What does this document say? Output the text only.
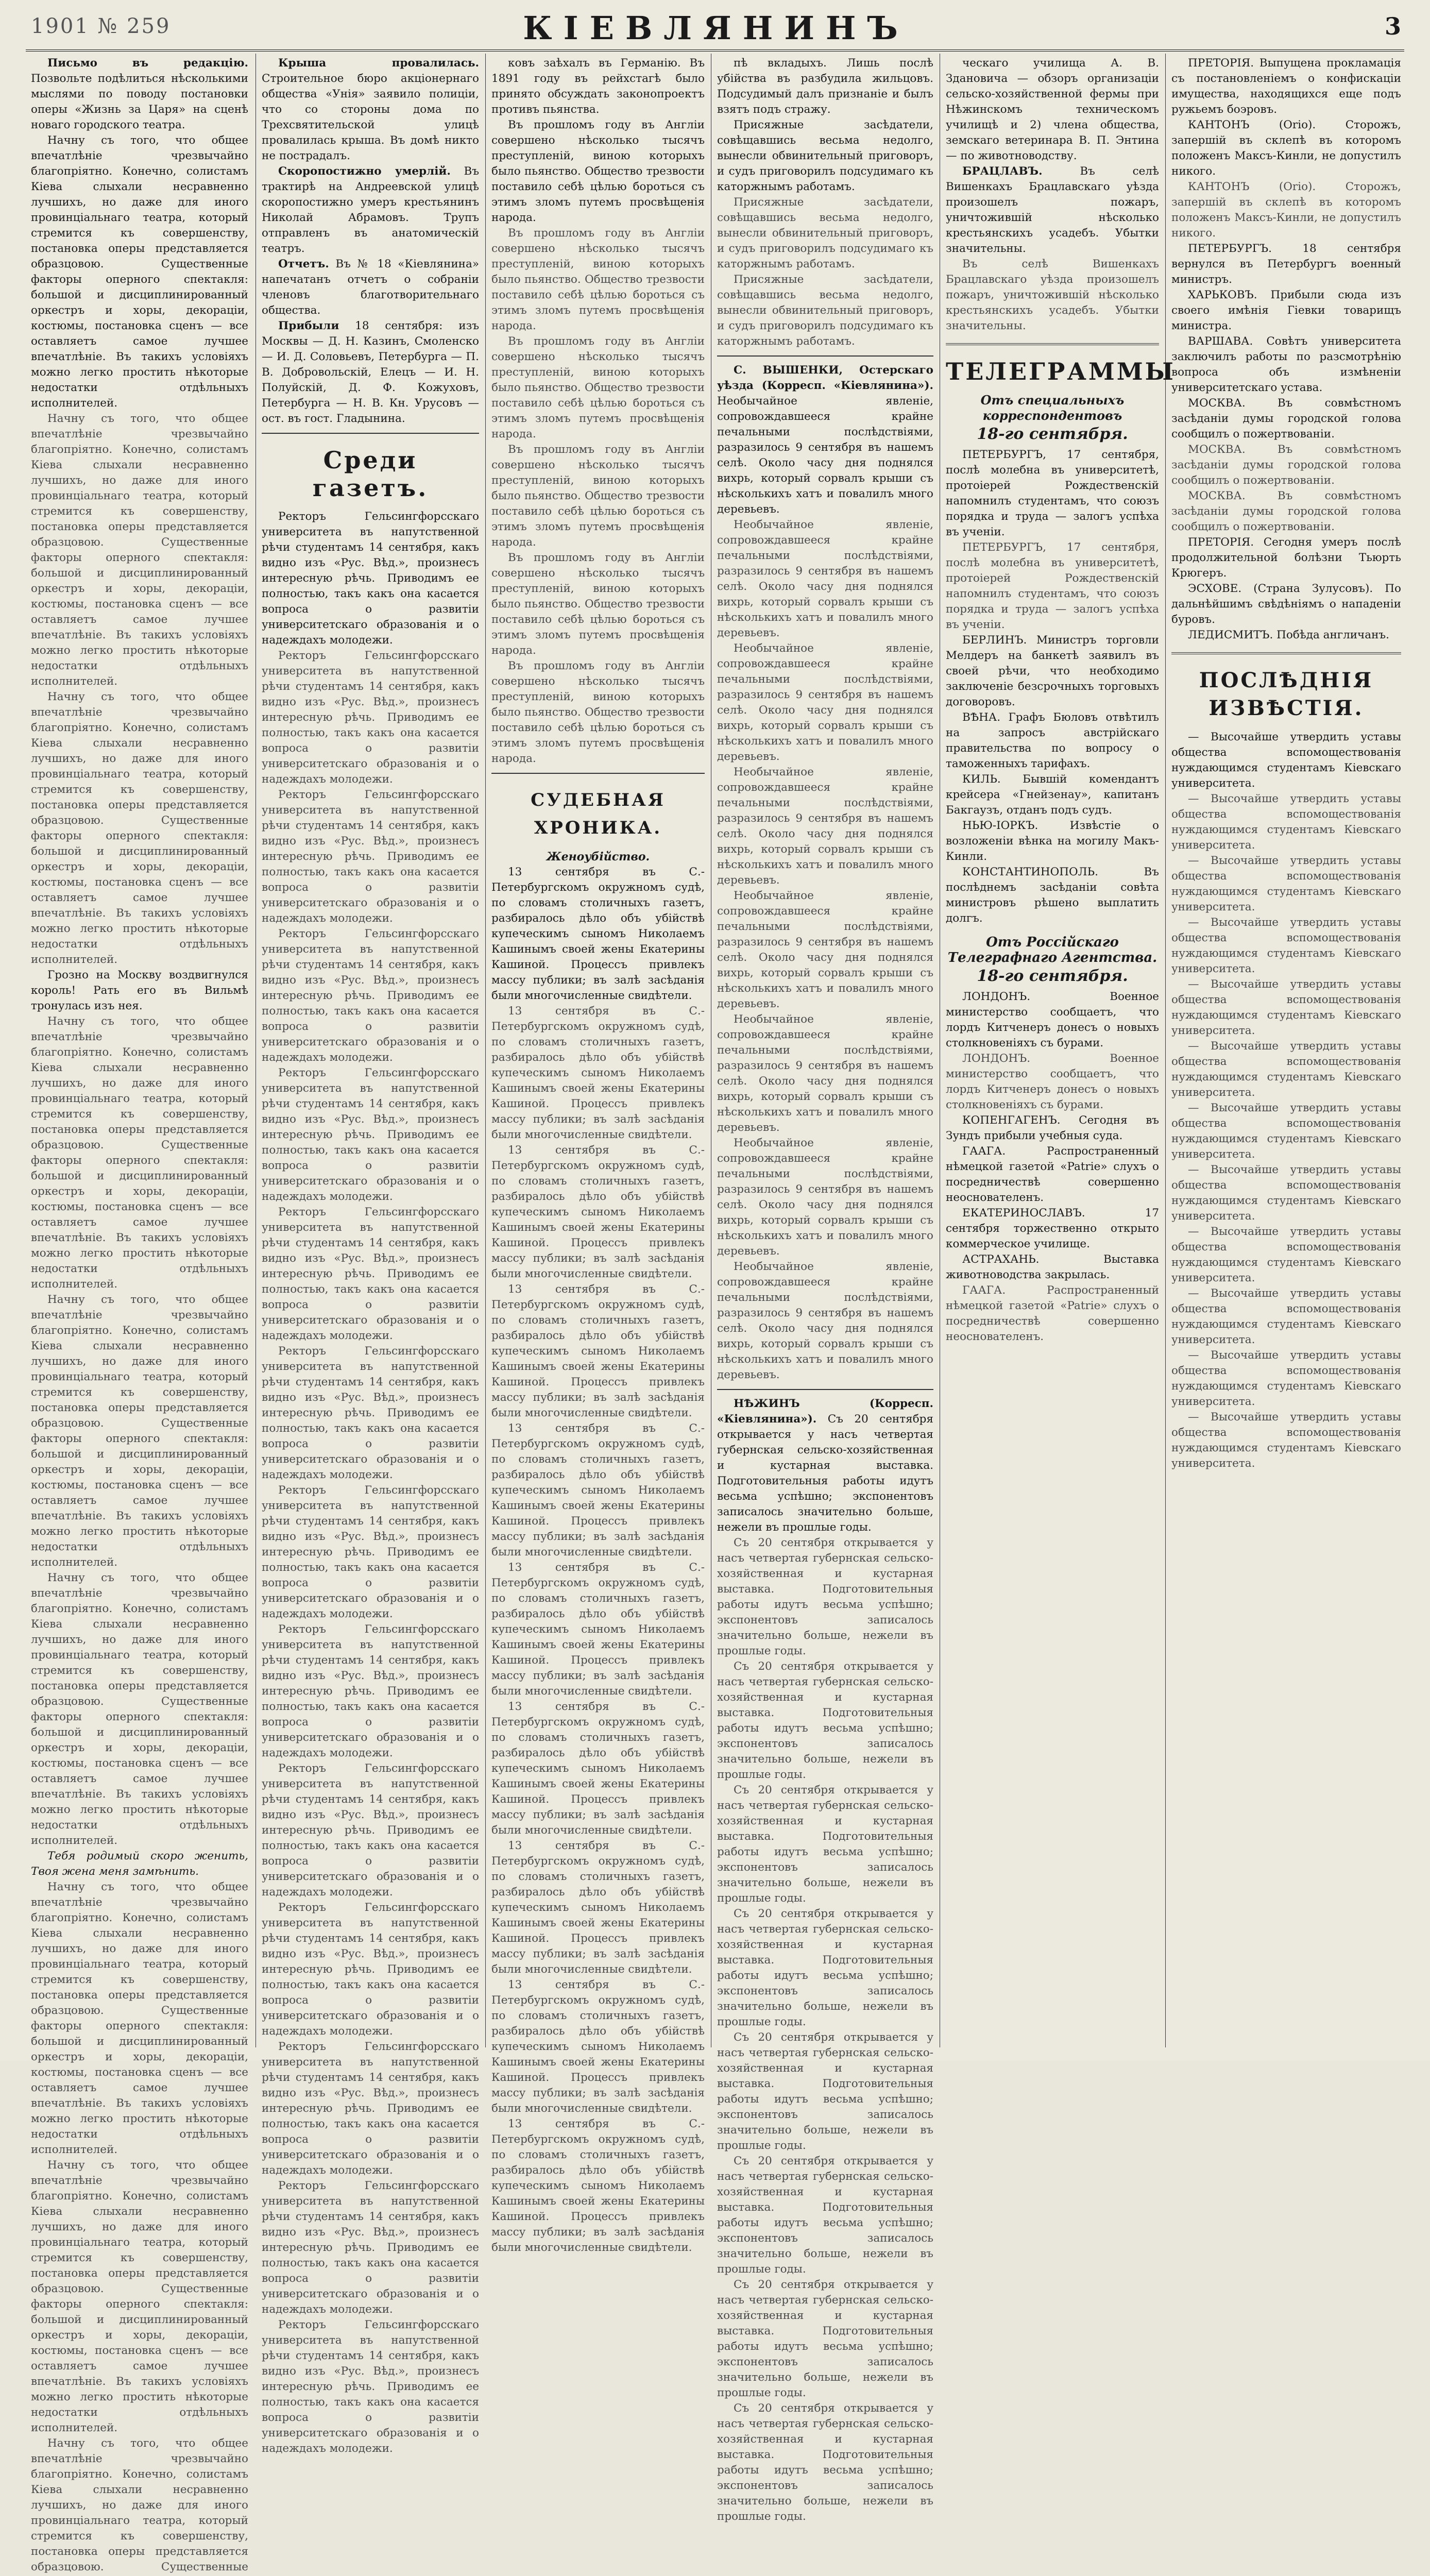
1901 № 259	КІЕВЛЯНИНЪ	3

Письмо въ редакцію. Позвольте подѣлиться нѣсколькими мыслями по поводу постановки оперы «Жизнь за Царя» на сценѣ новаго городского театра.

Начну съ того, что общее впечатлѣніе чрезвычайно благопріятно. Конечно, солистамъ Кіева слыхали несравненно лучшихъ, но даже для иного провинціальнаго театра, который стремится къ совершенству, постановка оперы представляется образцовою. Существенные факторы оперного спектакля: большой и дисциплинированный оркестръ и хоры, декораціи, костюмы, постановка сценъ — все оставляетъ самое лучшее впечатлѣніе. Въ такихъ условіяхъ можно легко простить нѣкоторые недостатки отдѣльныхъ исполнителей.

Начну съ того, что общее впечатлѣніе чрезвычайно благопріятно. Конечно, солистамъ Кіева слыхали несравненно лучшихъ, но даже для иного провинціальнаго театра, который стремится къ совершенству, постановка оперы представляется образцовою. Существенные факторы оперного спектакля: большой и дисциплинированный оркестръ и хоры, декораціи, костюмы, постановка сценъ — все оставляетъ самое лучшее впечатлѣніе. Въ такихъ условіяхъ можно легко простить нѣкоторые недостатки отдѣльныхъ исполнителей.

Начну съ того, что общее впечатлѣніе чрезвычайно благопріятно. Конечно, солистамъ Кіева слыхали несравненно лучшихъ, но даже для иного провинціальнаго театра, который стремится къ совершенству, постановка оперы представляется образцовою. Существенные факторы оперного спектакля: большой и дисциплинированный оркестръ и хоры, декораціи, костюмы, постановка сценъ — все оставляетъ самое лучшее впечатлѣніе. Въ такихъ условіяхъ можно легко простить нѣкоторые недостатки отдѣльныхъ исполнителей.

Грозно на Москву воздвигнулся король! Рать его въ Вильмѣ тронулась изъ нея.

Начну съ того, что общее впечатлѣніе чрезвычайно благопріятно. Конечно, солистамъ Кіева слыхали несравненно лучшихъ, но даже для иного провинціальнаго театра, который стремится къ совершенству, постановка оперы представляется образцовою. Существенные факторы оперного спектакля: большой и дисциплинированный оркестръ и хоры, декораціи, костюмы, постановка сценъ — все оставляетъ самое лучшее впечатлѣніе. Въ такихъ условіяхъ можно легко простить нѣкоторые недостатки отдѣльныхъ исполнителей.

Начну съ того, что общее впечатлѣніе чрезвычайно благопріятно. Конечно, солистамъ Кіева слыхали несравненно лучшихъ, но даже для иного провинціальнаго театра, который стремится къ совершенству, постановка оперы представляется образцовою. Существенные факторы оперного спектакля: большой и дисциплинированный оркестръ и хоры, декораціи, костюмы, постановка сценъ — все оставляетъ самое лучшее впечатлѣніе. Въ такихъ условіяхъ можно легко простить нѣкоторые недостатки отдѣльныхъ исполнителей.

Начну съ того, что общее впечатлѣніе чрезвычайно благопріятно. Конечно, солистамъ Кіева слыхали несравненно лучшихъ, но даже для иного провинціальнаго театра, который стремится къ совершенству, постановка оперы представляется образцовою. Существенные факторы оперного спектакля: большой и дисциплинированный оркестръ и хоры, декораціи, костюмы, постановка сценъ — все оставляетъ самое лучшее впечатлѣніе. Въ такихъ условіяхъ можно легко простить нѣкоторые недостатки отдѣльныхъ исполнителей.

Тебя родимый скоро женить, Твоя жена меня замѣнить.

Начну съ того, что общее впечатлѣніе чрезвычайно благопріятно. Конечно, солистамъ Кіева слыхали несравненно лучшихъ, но даже для иного провинціальнаго театра, который стремится къ совершенству, постановка оперы представляется образцовою. Существенные факторы оперного спектакля: большой и дисциплинированный оркестръ и хоры, декораціи, костюмы, постановка сценъ — все оставляетъ самое лучшее впечатлѣніе. Въ такихъ условіяхъ можно легко простить нѣкоторые недостатки отдѣльныхъ исполнителей.

Начну съ того, что общее впечатлѣніе чрезвычайно благопріятно. Конечно, солистамъ Кіева слыхали несравненно лучшихъ, но даже для иного провинціальнаго театра, который стремится къ совершенству, постановка оперы представляется образцовою. Существенные факторы оперного спектакля: большой и дисциплинированный оркестръ и хоры, декораціи, костюмы, постановка сценъ — все оставляетъ самое лучшее впечатлѣніе. Въ такихъ условіяхъ можно легко простить нѣкоторые недостатки отдѣльныхъ исполнителей.

Начну съ того, что общее впечатлѣніе чрезвычайно благопріятно. Конечно, солистамъ Кіева слыхали несравненно лучшихъ, но даже для иного провинціальнаго театра, который стремится къ совершенству, постановка оперы представляется образцовою. Существенные

Крыша провалилась. Строительное бюро акціонернаго общества «Унія» заявило полиціи, что со стороны дома по Трехсвятительской улицѣ провалилась крыша. Въ домѣ никто не пострадалъ.

Скоропостижно умерлій. Въ трактирѣ на Андреевской улицѣ скоропостижно умеръ крестьянинъ Николай Абрамовъ. Трупъ отправленъ въ анатомическій театръ.

Отчетъ. Въ № 18 «Кіевлянина» напечатанъ отчетъ о собраніи членовъ благотворительнаго общества.

Прибыли 18 сентября: изъ Москвы — Д. Н. Казинъ, Смоленско — И. Д. Соловьевъ, Петербурга — П. В. Добровольскій, Елецъ — И. Н. Полуйскій, Д. Ф. Кожуховъ, Петербурга — Н. В. Кн. Урусовъ — ост. въ гост. Гладынина.

Среди газетъ.

Ректоръ Гельсингфорсскаго университета въ напутственной рѣчи студентамъ 14 сентября, какъ видно изъ «Рус. Вѣд.», произнесъ интересную рѣчь. Приводимъ ее полностью, такъ какъ она касается вопроса о развитіи университетскаго образованія и о надеждахъ молодежи.

Ректоръ Гельсингфорсскаго университета въ напутственной рѣчи студентамъ 14 сентября, какъ видно изъ «Рус. Вѣд.», произнесъ интересную рѣчь. Приводимъ ее полностью, такъ какъ она касается вопроса о развитіи университетскаго образованія и о надеждахъ молодежи.

Ректоръ Гельсингфорсскаго университета въ напутственной рѣчи студентамъ 14 сентября, какъ видно изъ «Рус. Вѣд.», произнесъ интересную рѣчь. Приводимъ ее полностью, такъ какъ она касается вопроса о развитіи университетскаго образованія и о надеждахъ молодежи.

Ректоръ Гельсингфорсскаго университета въ напутственной рѣчи студентамъ 14 сентября, какъ видно изъ «Рус. Вѣд.», произнесъ интересную рѣчь. Приводимъ ее полностью, такъ какъ она касается вопроса о развитіи университетскаго образованія и о надеждахъ молодежи.

Ректоръ Гельсингфорсскаго университета въ напутственной рѣчи студентамъ 14 сентября, какъ видно изъ «Рус. Вѣд.», произнесъ интересную рѣчь. Приводимъ ее полностью, такъ какъ она касается вопроса о развитіи университетскаго образованія и о надеждахъ молодежи.

Ректоръ Гельсингфорсскаго университета въ напутственной рѣчи студентамъ 14 сентября, какъ видно изъ «Рус. Вѣд.», произнесъ интересную рѣчь. Приводимъ ее полностью, такъ какъ она касается вопроса о развитіи университетскаго образованія и о надеждахъ молодежи.

Ректоръ Гельсингфорсскаго университета въ напутственной рѣчи студентамъ 14 сентября, какъ видно изъ «Рус. Вѣд.», произнесъ интересную рѣчь. Приводимъ ее полностью, такъ какъ она касается вопроса о развитіи университетскаго образованія и о надеждахъ молодежи.

Ректоръ Гельсингфорсскаго университета въ напутственной рѣчи студентамъ 14 сентября, какъ видно изъ «Рус. Вѣд.», произнесъ интересную рѣчь. Приводимъ ее полностью, такъ какъ она касается вопроса о развитіи университетскаго образованія и о надеждахъ молодежи.

Ректоръ Гельсингфорсскаго университета въ напутственной рѣчи студентамъ 14 сентября, какъ видно изъ «Рус. Вѣд.», произнесъ интересную рѣчь. Приводимъ ее полностью, такъ какъ она касается вопроса о развитіи университетскаго образованія и о надеждахъ молодежи.

Ректоръ Гельсингфорсскаго университета въ напутственной рѣчи студентамъ 14 сентября, какъ видно изъ «Рус. Вѣд.», произнесъ интересную рѣчь. Приводимъ ее полностью, такъ какъ она касается вопроса о развитіи университетскаго образованія и о надеждахъ молодежи.

Ректоръ Гельсингфорсскаго университета въ напутственной рѣчи студентамъ 14 сентября, какъ видно изъ «Рус. Вѣд.», произнесъ интересную рѣчь. Приводимъ ее полностью, такъ какъ она касается вопроса о развитіи университетскаго образованія и о надеждахъ молодежи.

Ректоръ Гельсингфорсскаго университета въ напутственной рѣчи студентамъ 14 сентября, какъ видно изъ «Рус. Вѣд.», произнесъ интересную рѣчь. Приводимъ ее полностью, такъ какъ она касается вопроса о развитіи университетскаго образованія и о надеждахъ молодежи.

Ректоръ Гельсингфорсскаго университета въ напутственной рѣчи студентамъ 14 сентября, какъ видно изъ «Рус. Вѣд.», произнесъ интересную рѣчь. Приводимъ ее полностью, такъ какъ она касается вопроса о развитіи университетскаго образованія и о надеждахъ молодежи.

Ректоръ Гельсингфорсскаго университета въ напутственной рѣчи студентамъ 14 сентября, какъ видно изъ «Рус. Вѣд.», произнесъ интересную рѣчь. Приводимъ ее полностью, такъ какъ она касается вопроса о развитіи университетскаго образованія и о надеждахъ молодежи.

ковъ заѣхалъ въ Германію. Въ 1891 году въ рейхстагѣ было принято обсуждать законопроектъ противъ пьянства.

Въ прошломъ году въ Англіи совершено нѣсколько тысячъ преступленій, виною которыхъ было пьянство. Общество трезвости поставило себѣ цѣлью бороться съ этимъ зломъ путемъ просвѣщенія народа.

Въ прошломъ году въ Англіи совершено нѣсколько тысячъ преступленій, виною которыхъ было пьянство. Общество трезвости поставило себѣ цѣлью бороться съ этимъ зломъ путемъ просвѣщенія народа.

Въ прошломъ году въ Англіи совершено нѣсколько тысячъ преступленій, виною которыхъ было пьянство. Общество трезвости поставило себѣ цѣлью бороться съ этимъ зломъ путемъ просвѣщенія народа.

Въ прошломъ году въ Англіи совершено нѣсколько тысячъ преступленій, виною которыхъ было пьянство. Общество трезвости поставило себѣ цѣлью бороться съ этимъ зломъ путемъ просвѣщенія народа.

Въ прошломъ году въ Англіи совершено нѣсколько тысячъ преступленій, виною которыхъ было пьянство. Общество трезвости поставило себѣ цѣлью бороться съ этимъ зломъ путемъ просвѣщенія народа.

Въ прошломъ году въ Англіи совершено нѣсколько тысячъ преступленій, виною которыхъ было пьянство. Общество трезвости поставило себѣ цѣлью бороться съ этимъ зломъ путемъ просвѣщенія народа.

СУДЕБНАЯ ХРОНИКА.
Женоубійство.

13 сентября въ С.-Петербургскомъ окружномъ судѣ, по словамъ столичныхъ газетъ, разбиралось дѣло объ убійствѣ купеческимъ сыномъ Николаемъ Кашинымъ своей жены Екатерины Кашиной. Процессъ привлекъ массу публики; въ залѣ засѣданія были многочисленные свидѣтели.

13 сентября въ С.-Петербургскомъ окружномъ судѣ, по словамъ столичныхъ газетъ, разбиралось дѣло объ убійствѣ купеческимъ сыномъ Николаемъ Кашинымъ своей жены Екатерины Кашиной. Процессъ привлекъ массу публики; въ залѣ засѣданія были многочисленные свидѣтели.

13 сентября въ С.-Петербургскомъ окружномъ судѣ, по словамъ столичныхъ газетъ, разбиралось дѣло объ убійствѣ купеческимъ сыномъ Николаемъ Кашинымъ своей жены Екатерины Кашиной. Процессъ привлекъ массу публики; въ залѣ засѣданія были многочисленные свидѣтели.

13 сентября въ С.-Петербургскомъ окружномъ судѣ, по словамъ столичныхъ газетъ, разбиралось дѣло объ убійствѣ купеческимъ сыномъ Николаемъ Кашинымъ своей жены Екатерины Кашиной. Процессъ привлекъ массу публики; въ залѣ засѣданія были многочисленные свидѣтели.

13 сентября въ С.-Петербургскомъ окружномъ судѣ, по словамъ столичныхъ газетъ, разбиралось дѣло объ убійствѣ купеческимъ сыномъ Николаемъ Кашинымъ своей жены Екатерины Кашиной. Процессъ привлекъ массу публики; въ залѣ засѣданія были многочисленные свидѣтели.

13 сентября въ С.-Петербургскомъ окружномъ судѣ, по словамъ столичныхъ газетъ, разбиралось дѣло объ убійствѣ купеческимъ сыномъ Николаемъ Кашинымъ своей жены Екатерины Кашиной. Процессъ привлекъ массу публики; въ залѣ засѣданія были многочисленные свидѣтели.

13 сентября въ С.-Петербургскомъ окружномъ судѣ, по словамъ столичныхъ газетъ, разбиралось дѣло объ убійствѣ купеческимъ сыномъ Николаемъ Кашинымъ своей жены Екатерины Кашиной. Процессъ привлекъ массу публики; въ залѣ засѣданія были многочисленные свидѣтели.

13 сентября въ С.-Петербургскомъ окружномъ судѣ, по словамъ столичныхъ газетъ, разбиралось дѣло объ убійствѣ купеческимъ сыномъ Николаемъ Кашинымъ своей жены Екатерины Кашиной. Процессъ привлекъ массу публики; въ залѣ засѣданія были многочисленные свидѣтели.

13 сентября въ С.-Петербургскомъ окружномъ судѣ, по словамъ столичныхъ газетъ, разбиралось дѣло объ убійствѣ купеческимъ сыномъ Николаемъ Кашинымъ своей жены Екатерины Кашиной. Процессъ привлекъ массу публики; въ залѣ засѣданія были многочисленные свидѣтели.

13 сентября въ С.-Петербургскомъ окружномъ судѣ, по словамъ столичныхъ газетъ, разбиралось дѣло объ убійствѣ купеческимъ сыномъ Николаемъ Кашинымъ своей жены Екатерины Кашиной. Процессъ привлекъ массу публики; въ залѣ засѣданія были многочисленные свидѣтели.

пѣ вкладыхъ. Лишь послѣ убійства въ разбудила жильцовъ. Подсудимый далъ признаніе и былъ взятъ подъ стражу.

Присяжные засѣдатели, совѣщавшись весьма недолго, вынесли обвинительный приговоръ, и судъ приговорилъ подсудимаго къ каторжнымъ работамъ.

Присяжные засѣдатели, совѣщавшись весьма недолго, вынесли обвинительный приговоръ, и судъ приговорилъ подсудимаго къ каторжнымъ работамъ.

Присяжные засѣдатели, совѣщавшись весьма недолго, вынесли обвинительный приговоръ, и судъ приговорилъ подсудимаго къ каторжнымъ работамъ.

С. ВЫШЕНКИ, Остерскаго уѣзда (Корресп. «Кіевлянина»). Необычайное явленіе, сопровождавшееся крайне печальными послѣдствіями, разразилось 9 сентября въ нашемъ селѣ. Около часу дня поднялся вихрь, который сорвалъ крыши съ нѣсколькихъ хатъ и повалилъ много деревьевъ.

Необычайное явленіе, сопровождавшееся крайне печальными послѣдствіями, разразилось 9 сентября въ нашемъ селѣ. Около часу дня поднялся вихрь, который сорвалъ крыши съ нѣсколькихъ хатъ и повалилъ много деревьевъ.

Необычайное явленіе, сопровождавшееся крайне печальными послѣдствіями, разразилось 9 сентября въ нашемъ селѣ. Около часу дня поднялся вихрь, который сорвалъ крыши съ нѣсколькихъ хатъ и повалилъ много деревьевъ.

Необычайное явленіе, сопровождавшееся крайне печальными послѣдствіями, разразилось 9 сентября въ нашемъ селѣ. Около часу дня поднялся вихрь, который сорвалъ крыши съ нѣсколькихъ хатъ и повалилъ много деревьевъ.

Необычайное явленіе, сопровождавшееся крайне печальными послѣдствіями, разразилось 9 сентября въ нашемъ селѣ. Около часу дня поднялся вихрь, который сорвалъ крыши съ нѣсколькихъ хатъ и повалилъ много деревьевъ.

Необычайное явленіе, сопровождавшееся крайне печальными послѣдствіями, разразилось 9 сентября въ нашемъ селѣ. Около часу дня поднялся вихрь, который сорвалъ крыши съ нѣсколькихъ хатъ и повалилъ много деревьевъ.

Необычайное явленіе, сопровождавшееся крайне печальными послѣдствіями, разразилось 9 сентября въ нашемъ селѣ. Около часу дня поднялся вихрь, который сорвалъ крыши съ нѣсколькихъ хатъ и повалилъ много деревьевъ.

Необычайное явленіе, сопровождавшееся крайне печальными послѣдствіями, разразилось 9 сентября въ нашемъ селѣ. Около часу дня поднялся вихрь, который сорвалъ крыши съ нѣсколькихъ хатъ и повалилъ много деревьевъ.

НѢЖИНЪ (Корресп. «Кіевлянина»). Съ 20 сентября открывается у насъ четвертая губернская сельско-хозяйственная и кустарная выставка. Подготовительныя работы идутъ весьма успѣшно; экспонентовъ записалось значительно больше, нежели въ прошлые годы.

Съ 20 сентября открывается у насъ четвертая губернская сельско-хозяйственная и кустарная выставка. Подготовительныя работы идутъ весьма успѣшно; экспонентовъ записалось значительно больше, нежели въ прошлые годы.

Съ 20 сентября открывается у насъ четвертая губернская сельско-хозяйственная и кустарная выставка. Подготовительныя работы идутъ весьма успѣшно; экспонентовъ записалось значительно больше, нежели въ прошлые годы.

Съ 20 сентября открывается у насъ четвертая губернская сельско-хозяйственная и кустарная выставка. Подготовительныя работы идутъ весьма успѣшно; экспонентовъ записалось значительно больше, нежели въ прошлые годы.

Съ 20 сентября открывается у насъ четвертая губернская сельско-хозяйственная и кустарная выставка. Подготовительныя работы идутъ весьма успѣшно; экспонентовъ записалось значительно больше, нежели въ прошлые годы.

Съ 20 сентября открывается у насъ четвертая губернская сельско-хозяйственная и кустарная выставка. Подготовительныя работы идутъ весьма успѣшно; экспонентовъ записалось значительно больше, нежели въ прошлые годы.

Съ 20 сентября открывается у насъ четвертая губернская сельско-хозяйственная и кустарная выставка. Подготовительныя работы идутъ весьма успѣшно; экспонентовъ записалось значительно больше, нежели въ прошлые годы.

Съ 20 сентября открывается у насъ четвертая губернская сельско-хозяйственная и кустарная выставка. Подготовительныя работы идутъ весьма успѣшно; экспонентовъ записалось значительно больше, нежели въ прошлые годы.

Съ 20 сентября открывается у насъ четвертая губернская сельско-хозяйственная и кустарная выставка. Подготовительныя работы идутъ весьма успѣшно; экспонентовъ записалось значительно больше, нежели въ прошлые годы.

ческаго училища А. В. Здановича — обзоръ организаціи сельско-хозяйственной фермы при Нѣжинскомъ техническомъ училищѣ и 2) члена общества, земскаго ветеринара В. П. Энтина — по животноводству.

БРАЦЛАВЪ.	Въ селѣ Вишенкахъ Брацлавскаго уѣзда произошелъ пожаръ, уничтожившій нѣсколько крестьянскихъ усадебъ. Убытки значительны.

Въ селѣ Вишенкахъ Брацлавскаго уѣзда произошелъ пожаръ, уничтожившій нѣсколько крестьянскихъ усадебъ. Убытки значительны.

ТЕЛЕГРАММЫ
Отъ специальныхъ корреспондентовъ
18-го сентября.

ПЕТЕРБУРГЪ, 17 сентября, послѣ молебна въ университетѣ, протоіерей Рождественскій напомнилъ студентамъ, что союзъ порядка и труда — залогъ успѣха въ ученіи.

ПЕТЕРБУРГЪ, 17 сентября, послѣ молебна въ университетѣ, протоіерей Рождественскій напомнилъ студентамъ, что союзъ порядка и труда — залогъ успѣха въ ученіи.

БЕРЛИНЪ. Министръ торговли Мелдеръ на банкетѣ заявилъ въ своей рѣчи, что необходимо заключеніе безсрочныхъ торговыхъ договоровъ.

ВѢНА. Графъ Бюловъ отвѣтилъ на запросъ австрійскаго правительства по вопросу о таможенныхъ тарифахъ.

КИЛЬ. Бывшій комендантъ крейсера «Гнейзенау», капитанъ Бакгаузъ, отданъ подъ судъ.

НЬЮ-ІОРКЪ. Извѣстіе о возложеніи вѣнка на могилу Макъ-Кинли.

КОНСТАНТИНОПОЛЬ. Въ послѣднемъ засѣданіи совѣта министровъ рѣшено выплатить долгъ.

Отъ Россійскаго Телеграфнаго Агентства.
18-го сентября.

ЛОНДОНЪ. Военное министерство сообщаетъ, что лордъ Китченеръ донесъ о новыхъ столкновеніяхъ съ бурами.

ЛОНДОНЪ. Военное министерство сообщаетъ, что лордъ Китченеръ донесъ о новыхъ столкновеніяхъ съ бурами.

КОПЕНГАГЕНЪ. Сегодня въ Зундъ прибыли учебныя суда.

ГААГА. Распространенный нѣмецкой газетой «Patrie» слухъ о посредничествѣ совершенно неоснователенъ.

ЕКАТЕРИНОСЛАВЪ. 17 сентября торжественно открыто коммерческое училище.

АСТРАХАНЬ. Выставка животноводства закрылась.

ГААГА. Распространенный нѣмецкой газетой «Patrie» слухъ о посредничествѣ совершенно неоснователенъ.

ПРЕТОРІЯ. Выпущена прокламація съ постановленіемъ о конфискаціи имущества, находящихся еще подъ ружьемъ боэровъ.

КАНТОНЪ (Оrio). Сторожъ, запершій въ склепѣ въ которомъ положенъ Максъ-Кинли, не допустилъ никого.

КАНТОНЪ (Оrio). Сторожъ, запершій въ склепѣ въ которомъ положенъ Максъ-Кинли, не допустилъ никого.

ПЕТЕРБУРГЪ. 18 сентября вернулся въ Петербургъ военный министръ.

ХАРЬКОВЪ. Прибыли сюда изъ своего имѣнія Гіевки товарищъ министра.

ВАРШАВА. Совѣтъ университета заключилъ работы по разсмотрѣнію вопроса объ измѣненіи университетскаго устава.

МОСКВА. Въ совмѣстномъ засѣданіи думы городской голова сообщилъ о пожертвованіи.

МОСКВА. Въ совмѣстномъ засѣданіи думы городской голова сообщилъ о пожертвованіи.

МОСКВА. Въ совмѣстномъ засѣданіи думы городской голова сообщилъ о пожертвованіи.

ПРЕТОРІЯ. Сегодня умеръ послѣ продолжительной болѣзни Тьюрть Крюгеръ.

ЭСХОВЕ. (Страна Зулусовъ). По дальнѣйшимъ свѣдѣніямъ о нападеніи буровъ.

ЛЕДИСМИТЪ. Побѣда англичанъ.

ПОСЛѢДНІЯ ИЗВѢСТІЯ.

— Высочайше утвердить уставы общества вспомоществованія нуждающимся студентамъ Кіевскаго университета.

— Высочайше утвердить уставы общества вспомоществованія нуждающимся студентамъ Кіевскаго университета.

— Высочайше утвердить уставы общества вспомоществованія нуждающимся студентамъ Кіевскаго университета.

— Высочайше утвердить уставы общества вспомоществованія нуждающимся студентамъ Кіевскаго университета.

— Высочайше утвердить уставы общества вспомоществованія нуждающимся студентамъ Кіевскаго университета.

— Высочайше утвердить уставы общества вспомоществованія нуждающимся студентамъ Кіевскаго университета.

— Высочайше утвердить уставы общества вспомоществованія нуждающимся студентамъ Кіевскаго университета.

— Высочайше утвердить уставы общества вспомоществованія нуждающимся студентамъ Кіевскаго университета.

— Высочайше утвердить уставы общества вспомоществованія нуждающимся студентамъ Кіевскаго университета.

— Высочайше утвердить уставы общества вспомоществованія нуждающимся студентамъ Кіевскаго университета.

— Высочайше утвердить уставы общества вспомоществованія нуждающимся студентамъ Кіевскаго университета.

— Высочайше утвердить уставы общества вспомоществованія нуждающимся студентамъ Кіевскаго университета.
